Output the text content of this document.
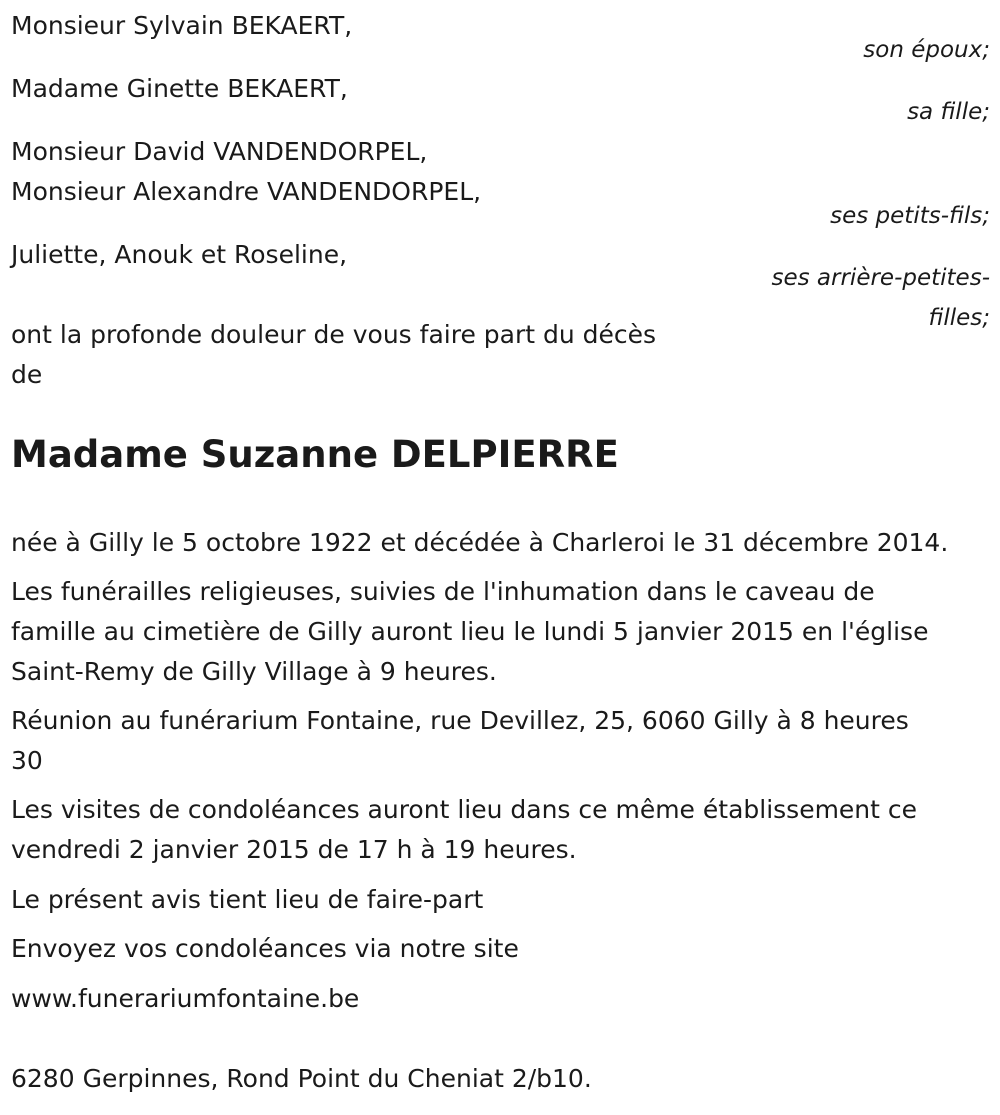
Monsieur Sylvain BEKAERT,
son époux;
Madame Ginette BEKAERT,
sa fille;
Monsieur David VANDENDORPEL,
Monsieur Alexandre VANDENDORPEL,
ses petits-fils;
Juliette, Anouk et Roseline,
ses arrière-petites-
filles;
ont la profonde douleur de vous faire part du décès
de
Madame Suzanne DELPIERRE
née à Gilly le 5 octobre 1922 et décédée à Charleroi le 31 décembre 2014.
Les funérailles religieuses, suivies de l'inhumation dans le caveau de
famille au cimetière de Gilly auront lieu le lundi 5 janvier 2015 en l'église
Saint-Remy de Gilly Village à 9 heures.
Réunion au funérarium Fontaine, rue Devillez, 25, 6060 Gilly à 8 heures
30
Les visites de condoléances auront lieu dans ce même établissement ce
vendredi 2 janvier 2015 de 17 h à 19 heures.
Le présent avis tient lieu de faire-part
Envoyez vos condoléances via notre site
www.funerariumfontaine.be
6280 Gerpinnes, Rond Point du Cheniat 2/b10.
